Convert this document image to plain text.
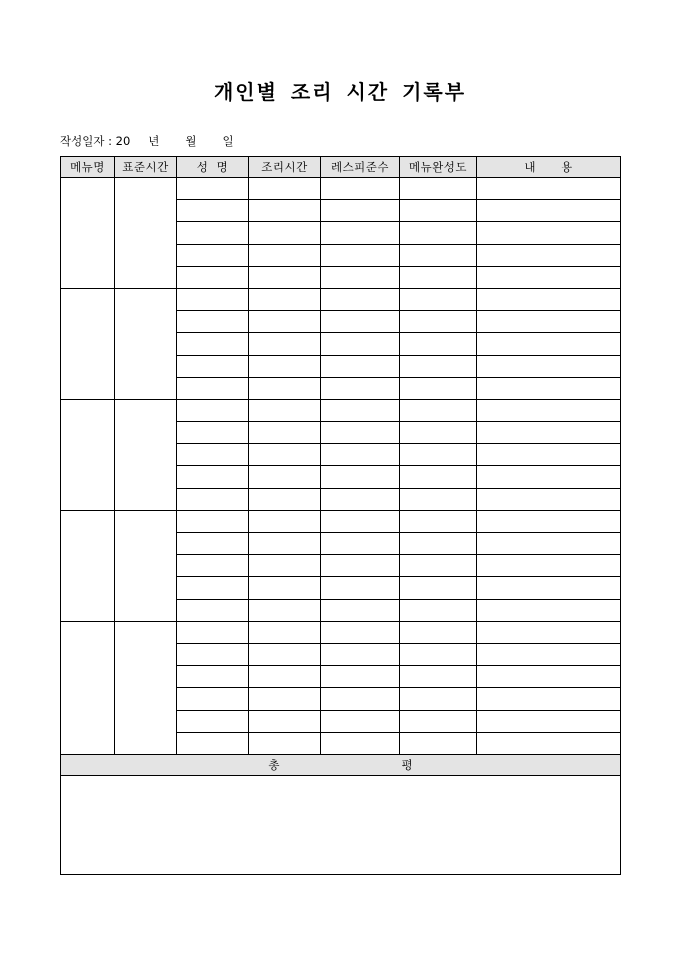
개인별 조리 시간 기록부
작성일자 : 20 년 월 일
메뉴명	표준시간	성  명	조리시간	레스피준수	메뉴완성도	내      용

총 평						
